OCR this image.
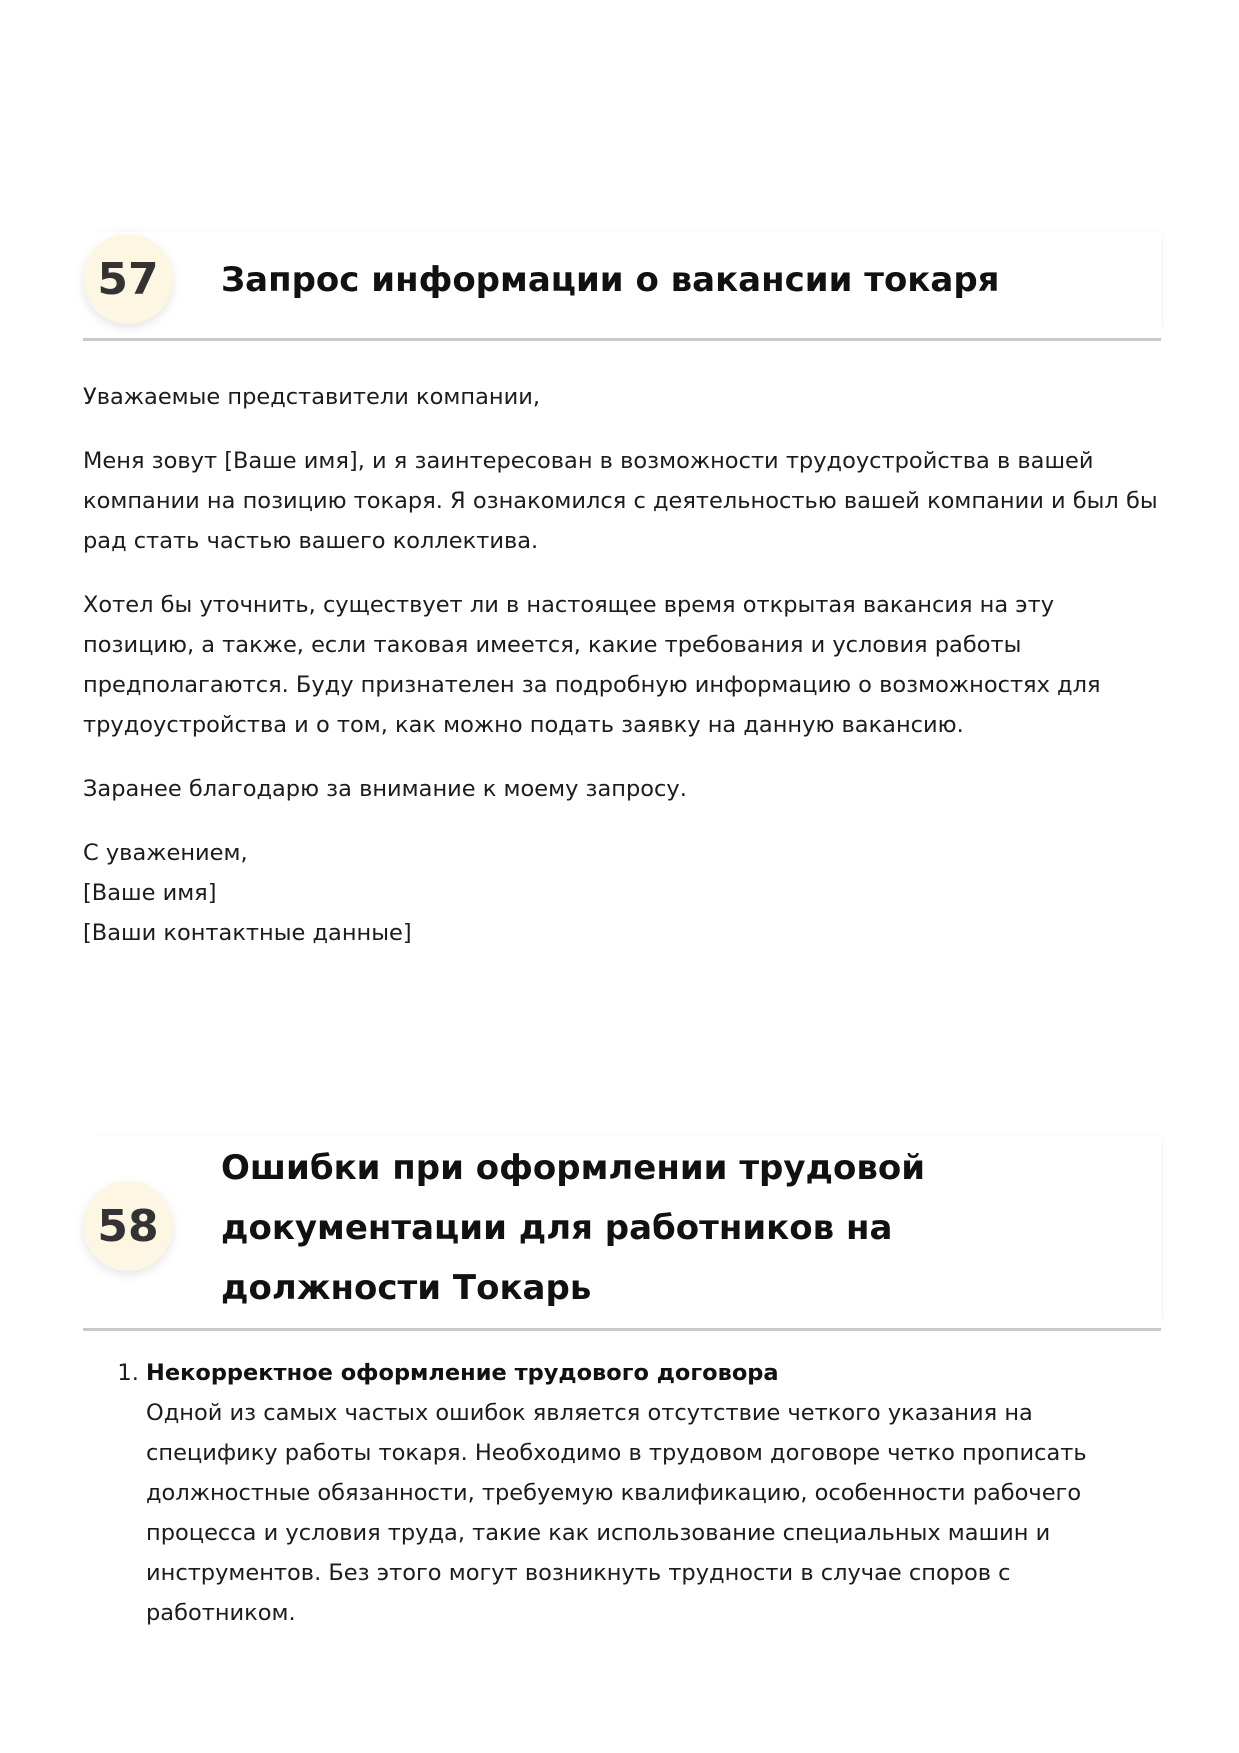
57	Запрос информации о вакансии токаря

Уважаемые представители компании,

Меня зовут [Ваше имя], и я заинтересован в возможности трудоустройства в вашей компании на позицию токаря. Я ознакомился с деятельностью вашей компании и был бы рад стать частью вашего коллектива.

Хотел бы уточнить, существует ли в настоящее время открытая вакансия на эту позицию, а также, если таковая имеется, какие требования и условия работы предполагаются. Буду признателен за подробную информацию о возможностях для трудоустройства и о том, как можно подать заявку на данную вакансию.

Заранее благодарю за внимание к моему запросу.

С уважением,
[Ваше имя]
[Ваши контактные данные]
58
Ошибки при оформлении трудовой документации для работников на должности Токарь
1. Некорректное оформление трудового договора
Одной из самых частых ошибок является отсутствие четкого указания на специфику работы токаря. Необходимо в трудовом договоре четко прописать должностные обязанности, требуемую квалификацию, особенности рабочего процесса и условия труда, такие как использование специальных машин и инструментов. Без этого могут возникнуть трудности в случае споров с работником.
